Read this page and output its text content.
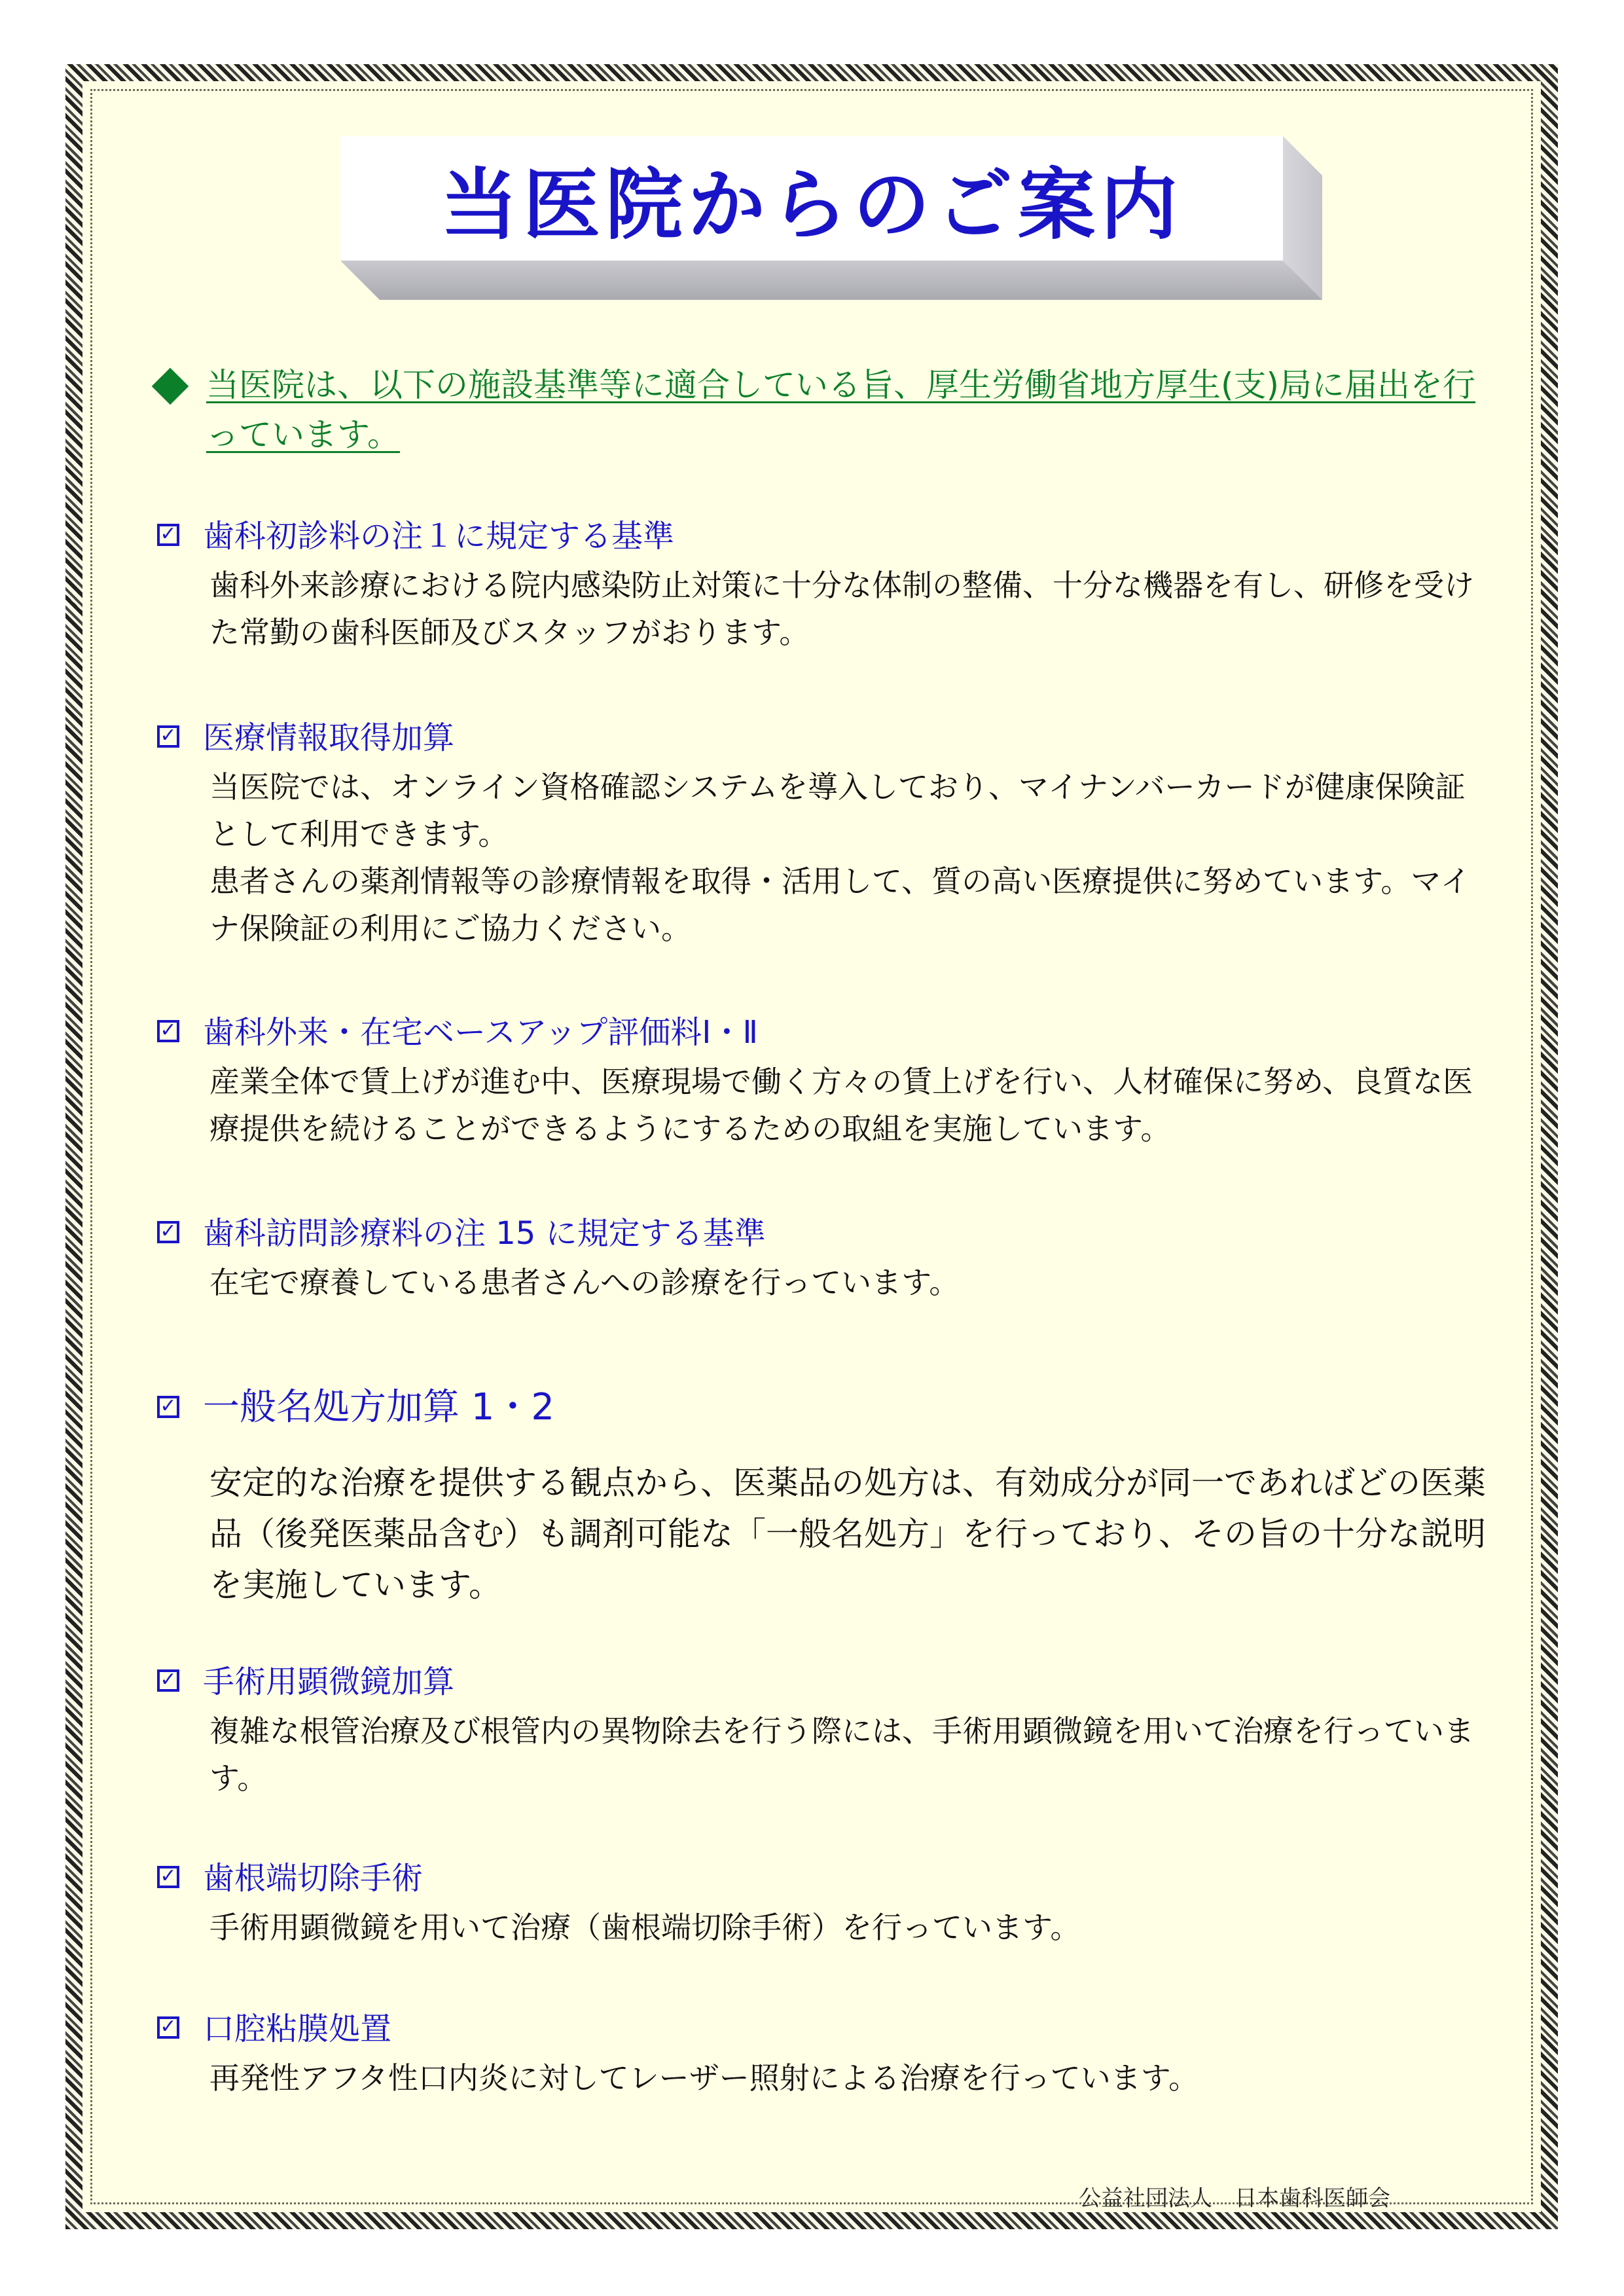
当医院からのご案内
当医院は、以下の施設基準等に適合している旨、厚生労働省地方厚生(支)局に届出を行っています。
✓ 歯科初診料の注１に規定する基準

歯科外来診療における院内感染防止対策に十分な体制の整備、十分な機器を有し、研修を受けた常勤の歯科医師及びスタッフがおります。

✓ 医療情報取得加算

当医院では、オンライン資格確認システムを導入しており、マイナンバーカードが健康保険証として利用できます。

患者さんの薬剤情報等の診療情報を取得・活用して、質の高い医療提供に努めています。マイナ保険証の利用にご協力ください。

✓ 歯科外来・在宅ベースアップ評価料Ⅰ・Ⅱ

産業全体で賃上げが進む中、医療現場で働く方々の賃上げを行い、人材確保に努め、良質な医療提供を続けることができるようにするための取組を実施しています。

✓ 歯科訪問診療料の注 15 に規定する基準

在宅で療養している患者さんへの診療を行っています。

✓ 一般名処方加算 1・2

安定的な治療を提供する観点から、医薬品の処方は、有効成分が同一であればどの医薬品（後発医薬品含む）も調剤可能な「一般名処方」を行っており、その旨の十分な説明を実施しています。

✓ 手術用顕微鏡加算

複雑な根管治療及び根管内の異物除去を行う際には、手術用顕微鏡を用いて治療を行っています。

✓ 歯根端切除手術

手術用顕微鏡を用いて治療（歯根端切除手術）を行っています。

✓ 口腔粘膜処置

再発性アフタ性口内炎に対してレーザー照射による治療を行っています。

公益社団法人　日本歯科医師会
